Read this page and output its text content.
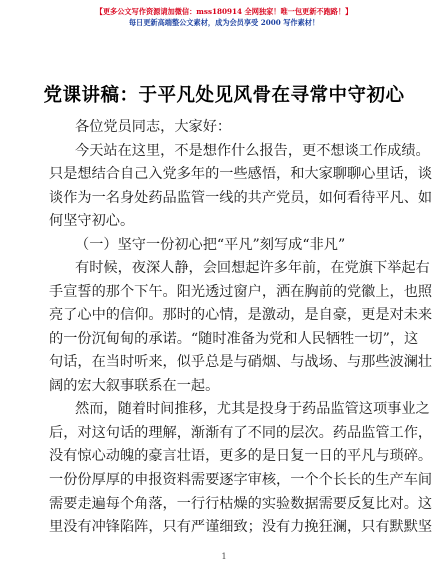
【更多公文写作资源请加微信：mss180914 全网独家！唯一包更新不跑路！】
每日更新高端整公文素材，成为会员享受 2000 写作素材！
党课讲稿：于平凡处见风骨在寻常中守初心
各位党员同志，大家好：
今天站在这里，不是想作什么报告，更不想谈工作成绩。
只是想结合自己入党多年的一些感悟，和大家聊聊心里话，谈
谈作为一名身处药品监管一线的共产党员，如何看待平凡、如
何坚守初心。
（一）坚守一份初心把“平凡”刻写成“非凡”
有时候，夜深人静，会回想起许多年前，在党旗下举起右
手宣誓的那个下午。阳光透过窗户，洒在胸前的党徽上，也照
亮了心中的信仰。那时的心情，是激动，是自豪，更是对未来
的一份沉甸甸的承诺。“随时准备为党和人民牺牲一切”，这
句话，在当时听来，似乎总是与硝烟、与战场、与那些波澜壮
阔的宏大叙事联系在一起。
然而，随着时间推移，尤其是投身于药品监管这项事业之
后，对这句话的理解，渐渐有了不同的层次。药品监管工作，
没有惊心动魄的豪言壮语，更多的是日复一日的平凡与琐碎。
一份份厚厚的申报资料需要逐字审核，一个个长长的生产车间
需要走遍每个角落，一行行枯燥的实验数据需要反复比对。这
里没有冲锋陷阵，只有严谨细致；没有力挽狂澜，只有默默坚
1
